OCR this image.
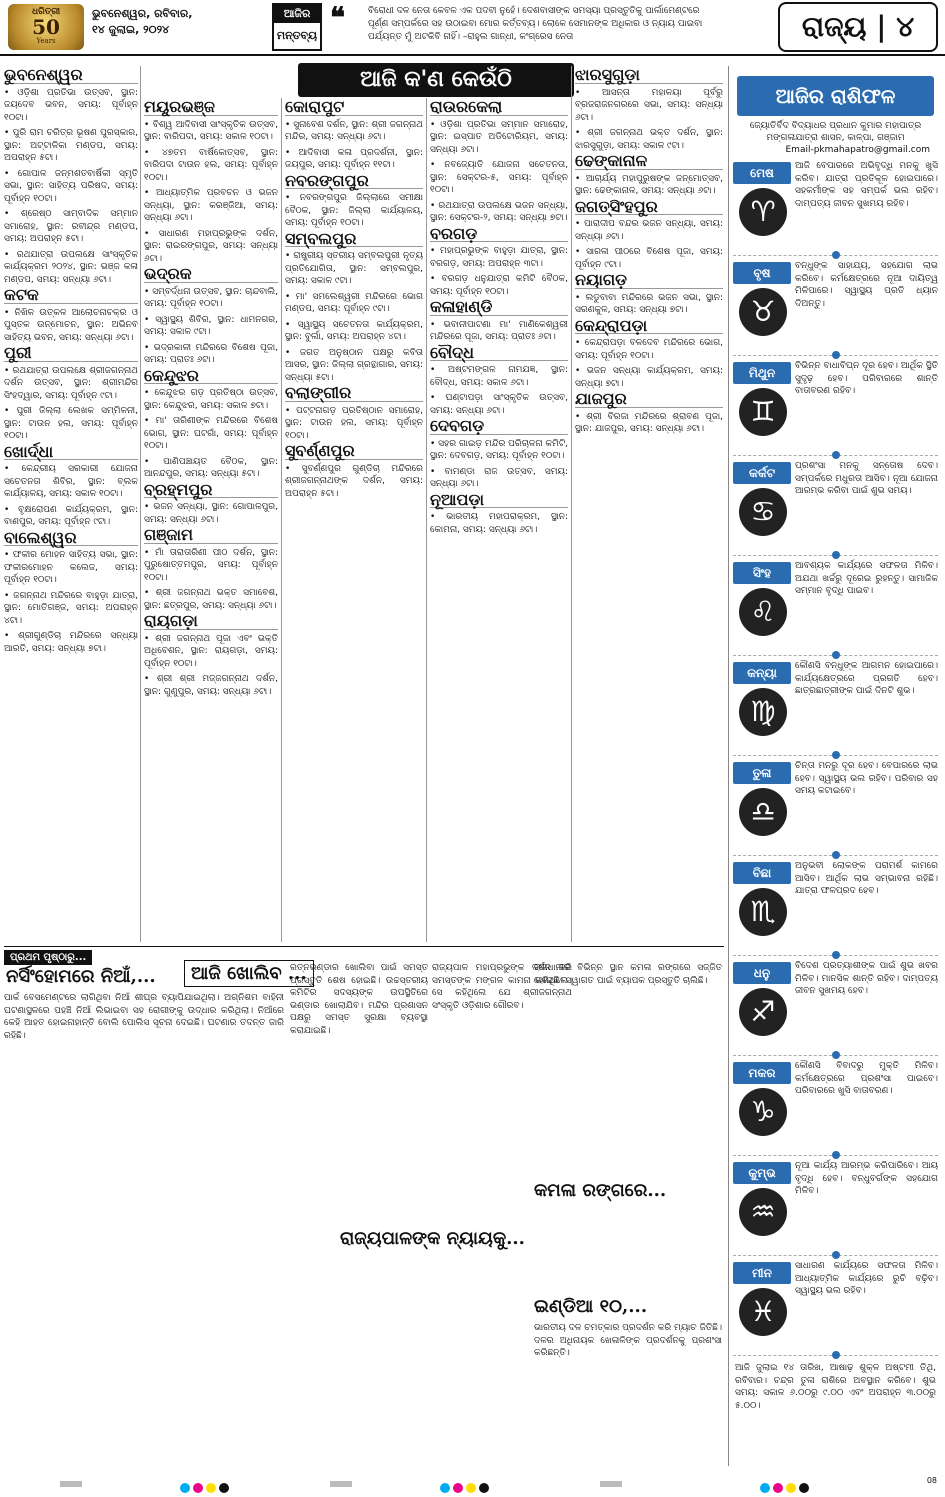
ଧରିତ୍ରୀ
50
Years
ଭୁବନେଶ୍ୱର, ରବିବାର,
୧୪ ଜୁଲାଇ, ୨୦୨୪
ଆଜିର
ମନ୍ତବ୍ୟ
❝	ବିରୋଧୀ ଦଳ ନେତା କେବଳ ଏକ ପଦବୀ ନୁହେଁ। ଦେଶବାସୀଙ୍କ ସମସ୍ୟା ପ୍ରସ୍ତୁତିକୁ ପାର୍ଲାମେଣ୍ଟରେ ପୂର୍ଣ୍ଣ ସମ୍ପର୍କରେ ସହ ଉଠାଇବା ମୋର କର୍ତ୍ତବ୍ୟ। ଲୋକେ ସେମାନଙ୍କ ଅଧିକାର ଓ ନ୍ୟାୟ ପାଇବା ପର୍ଯ୍ୟନ୍ତ ମୁଁ ଅଟକିବି ନାହିଁ। –ରାହୁଲ ଗାନ୍ଧୀ, କଂଗ୍ରେସ ନେତା	ରାଜ୍ୟ | ୪
ଆଜି କ'ଣ କେଉଁଠି
ଭୁବନେଶ୍ୱର

• ଓଡ଼ିଶା ପ୍ରତିଭା ଉତ୍ସବ, ସ୍ଥାନ: ଜୟଦେବ ଭବନ, ସମୟ: ପୂର୍ବାହ୍ନ ୧୦ଟା।

• ପୁରି ରାମ ଚରିତ୍ର ଭୂଷଣ ପୁରସ୍କାର, ସ୍ଥାନ: ଅଟ୍ଟାଳିକା ମଣ୍ଡପ, ସମୟ: ଅପରାହ୍ନ ୫ଟା।

• ଗୋପାଳ ଜନ୍ମଶତବାର୍ଷିକୀ ସ୍ମୃତି ସଭା, ସ୍ଥାନ: ସାହିତ୍ୟ ପରିଷଦ, ସମୟ: ପୂର୍ବାହ୍ନ ୧୦ଟା।

• ଶ୍ରେଷ୍ଠ ସାମ୍ବାଦିକ ସମ୍ମାନ ସମାରୋହ, ସ୍ଥାନ: ରବୀନ୍ଦ୍ର ମଣ୍ଡପ, ସମୟ: ଅପରାହ୍ନ ୫ଟା।

• ରଥଯାତ୍ରା ଉପଲକ୍ଷେ ସାଂସ୍କୃତିକ କାର୍ଯ୍ୟକ୍ରମ ୨୦୨୪, ସ୍ଥାନ: ଭଞ୍ଜ କଳା ମଣ୍ଡପ, ସମୟ: ସନ୍ଧ୍ୟା ୬ଟା।

କଟକ

• ନିଖିଳ ଉତ୍କଳ ଆଲୋଚନାଚକ୍ର ଓ ପୁସ୍ତକ ଉନ୍ମୋଚନ, ସ୍ଥାନ: ଅଭିନବ ସାହିତ୍ୟ ଭବନ, ସମୟ: ସନ୍ଧ୍ୟା ୬ଟା।

ପୁରୀ

• ରଥଯାତ୍ରା ଉପଲକ୍ଷେ ଶ୍ରୀଜଗନ୍ନାଥ ଦର୍ଶନ ଉତ୍ସବ, ସ୍ଥାନ: ଶ୍ରୀମନ୍ଦିର ସିଂହଦ୍ୱାର, ସମୟ: ପୂର୍ବାହ୍ନ ୯ଟା।

• ପୁରୀ ଜିଲ୍ଲା ଲେଖକ ସମ୍ମିଳନୀ, ସ୍ଥାନ: ଟାଉନ ହଲ, ସମୟ: ପୂର୍ବାହ୍ନ ୧୦ଟା।

ଖୋର୍ଦ୍ଧା

• କେନ୍ଦ୍ରୀୟ ସରକାରୀ ଯୋଜନା ସଚେତନତା ଶିବିର, ସ୍ଥାନ: ବ୍ଲକ କାର୍ଯ୍ୟାଳୟ, ସମୟ: ସକାଳ ୧୦ଟା।

• ବୃକ୍ଷରୋପଣ କାର୍ଯ୍ୟକ୍ରମ, ସ୍ଥାନ: ବାଣପୁର, ସମୟ: ପୂର୍ବାହ୍ନ ୯ଟା।

ବାଲେଶ୍ୱର

• ଫକୀର ମୋହନ ସାହିତ୍ୟ ସଭା, ସ୍ଥାନ: ଫକୀରମୋହନ କଲେଜ, ସମୟ: ପୂର୍ବାହ୍ନ ୧୦ଟା।

• ଜଗନ୍ନାଥ ମନ୍ଦିରରେ ବାହୁଡ଼ା ଯାତ୍ରା, ସ୍ଥାନ: ମୋତିଗଞ୍ଜ, ସମୟ: ଅପରାହ୍ନ ୪ଟା।

• ଶ୍ରୀଗୁଣ୍ଡିଚା ମନ୍ଦିରରେ ସନ୍ଧ୍ୟା ଆରତି, ସମୟ: ସନ୍ଧ୍ୟା ୭ଟା।

ମୟୂରଭଞ୍ଜ

• ବିଶ୍ୱ ଆଦିବାସୀ ସାଂସ୍କୃତିକ ଉତ୍ସବ, ସ୍ଥାନ: ବାରିପଦା, ସମୟ: ସକାଳ ୧୦ଟା।

• ୪୭ତମ ବାର୍ଷିକୋତ୍ସବ, ସ୍ଥାନ: ବାରିପଦା ଟାଉନ ହଲ, ସମୟ: ପୂର୍ବାହ୍ନ ୧୦ଟା।

• ଆଧ୍ୟାତ୍ମିକ ପ୍ରବଚନ ଓ ଭଜନ ସନ୍ଧ୍ୟା, ସ୍ଥାନ: କରଞ୍ଜିଆ, ସମୟ: ସନ୍ଧ୍ୟା ୬ଟା।

• ସାଧାରଣ ମହାପ୍ରଭୁଙ୍କ ଦର୍ଶନ, ସ୍ଥାନ: ରାଇରଙ୍ଗପୁର, ସମୟ: ସନ୍ଧ୍ୟା ୬ଟା।

ଭଦ୍ରକ

• ସମ୍ବର୍ଦ୍ଧନା ଉତ୍ସବ, ସ୍ଥାନ: ଚାନ୍ଦବାଲି, ସମୟ: ପୂର୍ବାହ୍ନ ୧୦ଟା।

• ସ୍ୱାସ୍ଥ୍ୟ ଶିବିର, ସ୍ଥାନ: ଧାମନଗର, ସମୟ: ସକାଳ ୯ଟା।

• ଭଦ୍ରକାଳୀ ମନ୍ଦିରରେ ବିଶେଷ ପୂଜା, ସମୟ: ପ୍ରାତଃ ୬ଟା।

କେନ୍ଦୁଝର

• କେନ୍ଦୁଝର ଗଡ଼ ପ୍ରତିଷ୍ଠା ଉତ୍ସବ, ସ୍ଥାନ: କେନ୍ଦୁଝର, ସମୟ: ସକାଳ ୭ଟା।

• ମା' ତାରିଣୀଙ୍କ ମନ୍ଦିରରେ ବିଶେଷ ଭୋଗ, ସ୍ଥାନ: ଘଟଗାଁ, ସମୟ: ପୂର୍ବାହ୍ନ ୧୦ଟା।

• ପାଣିପଞ୍ଚାୟତ ବୈଠକ, ସ୍ଥାନ: ଆନନ୍ଦପୁର, ସମୟ: ସନ୍ଧ୍ୟା ୫ଟା।

ବ୍ରହ୍ମପୁର

• ଭଜନ ସନ୍ଧ୍ୟା, ସ୍ଥାନ: ଗୋପାଳପୁର, ସମୟ: ସନ୍ଧ୍ୟା ୬ଟା।

ଗଞ୍ଜାମ

• ମାଁ ତାରାତାରିଣୀ ପୀଠ ଦର୍ଶନ, ସ୍ଥାନ: ପୁରୁଷୋତ୍ତମପୁର, ସମୟ: ପୂର୍ବାହ୍ନ ୧୦ଟା।

• ଶ୍ରୀ ଜଗନ୍ନାଥ ଭକ୍ତ ସମାବେଶ, ସ୍ଥାନ: ଛତ୍ରପୁର, ସମୟ: ସନ୍ଧ୍ୟା ୬ଟା।

ରାୟଗଡ଼ା

• ଶ୍ରୀ ଜଗନ୍ନାଥ ପୂଜା ଏବଂ ଭକ୍ତି ଅଧିବେଶନ, ସ୍ଥାନ: ରାୟଗଡ଼ା, ସମୟ: ପୂର୍ବାହ୍ନ ୧୦ଟା।

• ଶ୍ରୀ ଶ୍ରୀ ମଜ୍ଜଗନ୍ନାଥ ଦର୍ଶନ, ସ୍ଥାନ: ଗୁଣୁପୁର, ସମୟ: ସନ୍ଧ୍ୟା ୬ଟା।

କୋରାପୁଟ

• ସୁନାବେଶ ଦର୍ଶନ, ସ୍ଥାନ: ଶ୍ରୀ ଜଗନ୍ନାଥ ମନ୍ଦିର, ସମୟ: ସନ୍ଧ୍ୟା ୬ଟା।

• ଆଦିବାସୀ କଳା ପ୍ରଦର୍ଶନୀ, ସ୍ଥାନ: ଜୟପୁର, ସମୟ: ପୂର୍ବାହ୍ନ ୧୧ଟା।

ନବରଙ୍ଗପୁର

• ନବରଙ୍ଗପୁର ଜିଲ୍ଲାରେ ସମୀକ୍ଷା ବୈଠକ, ସ୍ଥାନ: ଜିଲ୍ଲା କାର୍ଯ୍ୟାଳୟ, ସମୟ: ପୂର୍ବାହ୍ନ ୧୦ଟା।

ସମ୍ବଲପୁର

• ରାଷ୍ଟ୍ରୀୟ ସ୍ତରୀୟ ସମ୍ବଲପୁରୀ ନୃତ୍ୟ ପ୍ରତିଯୋଗିତା, ସ୍ଥାନ: ସମ୍ବଲପୁର, ସମୟ: ସକାଳ ୯ଟା।

• ମା' ସମଲେଶ୍ୱରୀ ମନ୍ଦିରରେ ଭୋଗ ମଣ୍ଡପ, ସମୟ: ପୂର୍ବାହ୍ନ ୯ଟା।

• ସ୍ୱାସ୍ଥ୍ୟ ସଚେତନତା କାର୍ଯ୍ୟକ୍ରମ, ସ୍ଥାନ: ବୁର୍ଲା, ସମୟ: ଅପରାହ୍ନ ୪ଟା।

• ଜଗତ ଅନୁଷ୍ଠାନ ପକ୍ଷରୁ କବିତା ଆସର, ସ୍ଥାନ: ଜିଲ୍ଲା ଗ୍ରନ୍ଥାଗାର, ସମୟ: ସନ୍ଧ୍ୟା ୫ଟା।

ବଲାଙ୍ଗୀର

• ପଟ୍ଟନାଗଡ଼ ପ୍ରତିଷ୍ଠାନ ସମାରୋହ, ସ୍ଥାନ: ଟାଉନ ହଲ, ସମୟ: ପୂର୍ବାହ୍ନ ୧୦ଟା।

ସୁବର୍ଣ୍ଣପୁର

• ସୁବର୍ଣ୍ଣପୁର ଗୁଣ୍ଡିଚା ମନ୍ଦିରରେ ଶ୍ରୀଜଗନ୍ନାଥଙ୍କ ଦର୍ଶନ, ସମୟ: ଅପରାହ୍ନ ୫ଟା।

ରାଉରକେଲା

• ଓଡ଼ିଶା ପ୍ରତିଭା ସମ୍ମାନ ସମାରୋହ, ସ୍ଥାନ: ଇସ୍ପାତ ଅଡିଟୋରିୟମ, ସମୟ: ସନ୍ଧ୍ୟା ୬ଟା।

• ନବଜ୍ୟୋତି ଯୋଜନା ସଚେତନତା, ସ୍ଥାନ: ସେକ୍ଟର-୫, ସମୟ: ପୂର୍ବାହ୍ନ ୧୦ଟା।

• ରଥଯାତ୍ରା ଉପଲକ୍ଷେ ଭଜନ ସନ୍ଧ୍ୟା, ସ୍ଥାନ: ସେକ୍ଟର-୨, ସମୟ: ସନ୍ଧ୍ୟା ୭ଟା।

ବରଗଡ଼

• ମହାପ୍ରଭୁଙ୍କ ବାହୁଡ଼ା ଯାତ୍ରା, ସ୍ଥାନ: ବରଗଡ଼, ସମୟ: ଅପରାହ୍ନ ୩ଟା।

• ବରଗଡ଼ ଧନୁଯାତ୍ରା କମିଟି ବୈଠକ, ସମୟ: ପୂର୍ବାହ୍ନ ୧୦ଟା।

କଳାହାଣ୍ଡି

• ଭବାନୀପାଟଣା ମା' ମାଣିକେଶ୍ୱରୀ ମନ୍ଦିରରେ ପୂଜା, ସମୟ: ପ୍ରାତଃ ୬ଟା।

ବୌଦ୍ଧ

• ଅଷ୍ଟମଙ୍ଗଳ ନାମଯଜ୍ଞ, ସ୍ଥାନ: ବୌଦ୍ଧ, ସମୟ: ସକାଳ ୬ଟା।

• ଘଣ୍ଟାପଡ଼ା ସାଂସ୍କୃତିକ ଉତ୍ସବ, ସମୟ: ସନ୍ଧ୍ୟା ୬ଟା।

ଦେବଗଡ଼

• ସହର ଗାଇଡ଼ ମନ୍ଦିର ପରିଚାଳନା କମିଟି, ସ୍ଥାନ: ଦେବଗଡ଼, ସମୟ: ପୂର୍ବାହ୍ନ ୧୦ଟା।

• ବାମଣ୍ଡା ରାଜ ଉତ୍ସବ, ସମୟ: ସନ୍ଧ୍ୟା ୬ଟା।

ନୂଆପଡ଼ା

• ଭାରତୀୟ ମହାପରାକ୍ରମ, ସ୍ଥାନ: କୋମନା, ସମୟ: ସନ୍ଧ୍ୟା ୬ଟା।

ଝାରସୁଗୁଡ଼ା

• ଆସନ୍ତା ମହାଳୟା ପୂର୍ବରୁ ବ୍ରଜରାଜନଗରରେ ସଭା, ସମୟ: ସନ୍ଧ୍ୟା ୬ଟା।

• ଶ୍ରୀ ଜଗନ୍ନାଥ ଭକ୍ତ ଦର୍ଶନ, ସ୍ଥାନ: ଝାରସୁଗୁଡ଼ା, ସମୟ: ସକାଳ ୯ଟା।

ଢେଙ୍କାନାଳ

• ଆଚାର୍ଯ୍ୟ ମହାପୁରୁଷଙ୍କ ଜନ୍ମୋତ୍ସବ, ସ୍ଥାନ: ଢେଙ୍କାନାଳ, ସମୟ: ସନ୍ଧ୍ୟା ୬ଟା।

ଜଗତ୍‌ସିଂହପୁର

• ପାରାଦୀପ ବନ୍ଦର ଭଜନ ସନ୍ଧ୍ୟା, ସମୟ: ସନ୍ଧ୍ୟା ୬ଟା।

• ସାରଳା ପୀଠରେ ବିଶେଷ ପୂଜା, ସମୟ: ପୂର୍ବାହ୍ନ ୯ଟା।

ନୟାଗଡ଼

• ଲଡୁବାବା ମନ୍ଦିରରେ ଭଜନ ସଭା, ସ୍ଥାନ: ସରଣକୁଳ, ସମୟ: ସନ୍ଧ୍ୟା ୭ଟା।

କେନ୍ଦ୍ରାପଡ଼ା

• କେନ୍ଦ୍ରାପଡ଼ା ବଳଦେବ ମନ୍ଦିରରେ ଭୋଗ, ସମୟ: ପୂର୍ବାହ୍ନ ୧୦ଟା।

• ଭଜନ ସନ୍ଧ୍ୟା କାର୍ଯ୍ୟକ୍ରମ, ସମୟ: ସନ୍ଧ୍ୟା ୭ଟା।

ଯାଜପୁର

• ଶ୍ରୀ ବିରଜା ମନ୍ଦିରରେ ଶ୍ରାବଣ ପୂଜା, ସ୍ଥାନ: ଯାଜପୁର, ସମୟ: ସନ୍ଧ୍ୟା ୬ଟା।

ପ୍ରଥମ ପୃଷ୍ଠାରୁ...
ନର୍ସିଂହୋମରେ ନିଆଁ,...

ପାର୍କ ବେସମେଣ୍ଟରେ ଲାଗିଥିବା ନିଆଁ ଶୀଘ୍ର ବ୍ୟାପିଯାଇଥିଲା। ଅଗ୍ନିଶମ ବାହିନୀ ଘଟଣାସ୍ଥଳରେ ପହଞ୍ଚି ନିଆଁ ଲିଭାଇବା ସହ ରୋଗୀଙ୍କୁ ଉଦ୍ଧାର କରିଥିଲା। ନିଆଁରେ କେହି ଆହତ ହୋଇନାହାନ୍ତି ବୋଲି ପୋଲିସ ସୂଚନା ଦେଇଛି। ଘଟଣାର ତଦନ୍ତ ଜାରି ରହିଛି।

ଆଜି ଖୋଲିବ ...

ରତ୍ନଭଣ୍ଡାର ଖୋଲିବା ପାଇଁ ସମସ୍ତ ପ୍ରସ୍ତୁତି ଶେଷ ହୋଇଛି। ଉଚ୍ଚସ୍ତରୀୟ କମିଟିର ସଦସ୍ୟଙ୍କ ଉପସ୍ଥିତିରେ ଭଣ୍ଡାର ଖୋଲାଯିବ। ମନ୍ଦିର ପ୍ରଶାସନ ପକ୍ଷରୁ ସମସ୍ତ ସୁରକ୍ଷା ବ୍ୟବସ୍ଥା କରାଯାଇଛି।

ରାଜ୍ୟପାଳଙ୍କ ନ୍ୟାୟକୁ...

ରାଜ୍ୟପାଳ ମହାପ୍ରଭୁଙ୍କ ଦର୍ଶନ କରି ସମସ୍ତଙ୍କ ମଙ୍ଗଳ କାମନା କରିଥିଲେ। ସେ କହିଥିଲେ ଯେ ଶ୍ରୀଜଗନ୍ନାଥ ସଂସ୍କୃତି ଓଡ଼ିଶାର ଗୌରବ।

କମଳା ରଙ୍ଗରେ...

ରାଜଧାନୀର ବିଭିନ୍ନ ସ୍ଥାନ କମଳା ରଙ୍ଗରେ ସଜ୍ଜିତ ହୋଇଛି। ସ୍ୱାଗତ ପାଇଁ ବ୍ୟାପକ ପ୍ରସ୍ତୁତି ଚାଲିଛି।

ଇଣ୍ଡିଆ ୧୦,...

ଭାରତୀୟ ଦଳ ଚମତ୍କାର ପ୍ରଦର୍ଶନ କରି ମ୍ୟାଚ ଜିତିଛି। ଦଳର ଅଧିନାୟକ ଖେଳାଳିଙ୍କ ପ୍ରଦର୍ଶନକୁ ପ୍ରଶଂସା କରିଛନ୍ତି।

ଆଜିର ରାଶିଫଳ
ଜ୍ୟୋତିର୍ବିଦ ବିଦ୍ୟାଧର ପ୍ରଧାନ କୁମାର ମହାପାତ୍ର
ମଙ୍ଗଳାଯାତ୍ରା ଶାସନ, କାଳ୍ପା, ଗଞ୍ଜାମ
Email-pkmahapatro@gmail.com
ମେଷ
♈
ଆଜି ବେପାରରେ ଅଭିବୃଦ୍ଧି ମନକୁ ଖୁସି କରିବ। ଯାତ୍ରା ପ୍ରତିକୂଳ ହୋଇପାରେ। ସହକର୍ମୀଙ୍କ ସହ ସମ୍ପର୍କ ଭଲ ରହିବ। ଦାମ୍ପତ୍ୟ ଜୀବନ ସୁଖମୟ ରହିବ।
ବୃଷ
♉
ବନ୍ଧୁଙ୍କ ସାହାଯ୍ୟ, ସହଯୋଗ ଲାଭ କରିବେ। କର୍ମକ୍ଷେତ୍ରରେ ନୂଆ ଦାୟିତ୍ୱ ମିଳିପାରେ। ସ୍ୱାସ୍ଥ୍ୟ ପ୍ରତି ଧ୍ୟାନ ଦିଅନ୍ତୁ।
ମିଥୁନ
♊
ବିଭିନ୍ନ ବାଧାବିଘ୍ନ ଦୂର ହେବ। ଆର୍ଥିକ ସ୍ଥିତି ସୁଦୃଢ଼ ହେବ। ପରିବାରରେ ଶାନ୍ତି ବାତାବରଣ ରହିବ।
କର୍କଟ
♋
ପ୍ରଶଂସା ମନକୁ ସନ୍ତୋଷ ଦେବ। ସମ୍ପର୍କରେ ମଧୁରତା ଆସିବ। ନୂଆ ଯୋଜନା ଆରମ୍ଭ କରିବା ପାଇଁ ଶୁଭ ସମୟ।
ସିଂହ
♌
ଆବଶ୍ୟକ କାର୍ଯ୍ୟରେ ସଫଳତା ମିଳିବ। ଅଯଥା ଖର୍ଚ୍ଚରୁ ଦୂରେଇ ରୁହନ୍ତୁ। ସାମାଜିକ ସମ୍ମାନ ବୃଦ୍ଧି ପାଇବ।
କନ୍ୟା
♍
କୌଣସି ବନ୍ଧୁଙ୍କ ଆଗମନ ହୋଇପାରେ। କାର୍ଯ୍ୟକ୍ଷେତ୍ରରେ ପ୍ରଗତି ହେବ। ଛାତ୍ରଛାତ୍ରୀଙ୍କ ପାଇଁ ଦିନଟି ଶୁଭ।
ତୁଳା
♎
ଚିନ୍ତା ମନରୁ ଦୂର ହେବ। ବେପାରରେ ଲାଭ ହେବ। ସ୍ୱାସ୍ଥ୍ୟ ଭଲ ରହିବ। ପରିବାର ସହ ସମୟ କଟାଇବେ।
ବିଛା
♏
ଅନୁଭବୀ ଲୋକଙ୍କ ପରାମର୍ଶ କାମରେ ଆସିବ। ଆର୍ଥିକ ଲାଭ ସମ୍ଭାବନା ରହିଛି। ଯାତ୍ରା ଫଳପ୍ରଦ ହେବ।
ଧନୁ
♐
ବିଦେଶ ପ୍ରତ୍ୟାଶୀଙ୍କ ପାଇଁ ଶୁଭ ଖବର ମିଳିବ। ମାନସିକ ଶାନ୍ତି ରହିବ। ଦାମ୍ପତ୍ୟ ଜୀବନ ସୁଖମୟ ହେବ।
ମକର
♑
କୌଣସି ବିବାଦରୁ ମୁକ୍ତି ମିଳିବ। କର୍ମକ୍ଷେତ୍ରରେ ପ୍ରଶଂସା ପାଇବେ। ପରିବାରରେ ଖୁସି ବାତାବରଣ।
କୁମ୍ଭ
♒
ନୂଆ କାର୍ଯ୍ୟ ଆରମ୍ଭ କରିପାରିବେ। ଆୟ ବୃଦ୍ଧି ହେବ। ବନ୍ଧୁବର୍ଗଙ୍କ ସହଯୋଗ ମିଳିବ।
ମୀନ
♓
ସାଧାରଣ କାର୍ଯ୍ୟରେ ସଫଳତା ମିଳିବ। ଆଧ୍ୟାତ୍ମିକ କାର୍ଯ୍ୟରେ ରୁଚି ବଢ଼ିବ। ସ୍ୱାସ୍ଥ୍ୟ ଭଲ ରହିବ।
ଆଜି ଜୁଲାଇ ୧୪ ତାରିଖ, ଆଷାଢ଼ ଶୁକ୍ଳ ଅଷ୍ଟମୀ ତିଥି, ରବିବାର। ଚନ୍ଦ୍ର ତୁଳା ରାଶିରେ ଅବସ୍ଥାନ କରିବେ। ଶୁଭ ସମୟ: ସକାଳ ୬.୦୦ରୁ ୯.୦୦ ଏବଂ ଅପରାହ୍ନ ୩.୦୦ରୁ ୫.୦୦।
08
